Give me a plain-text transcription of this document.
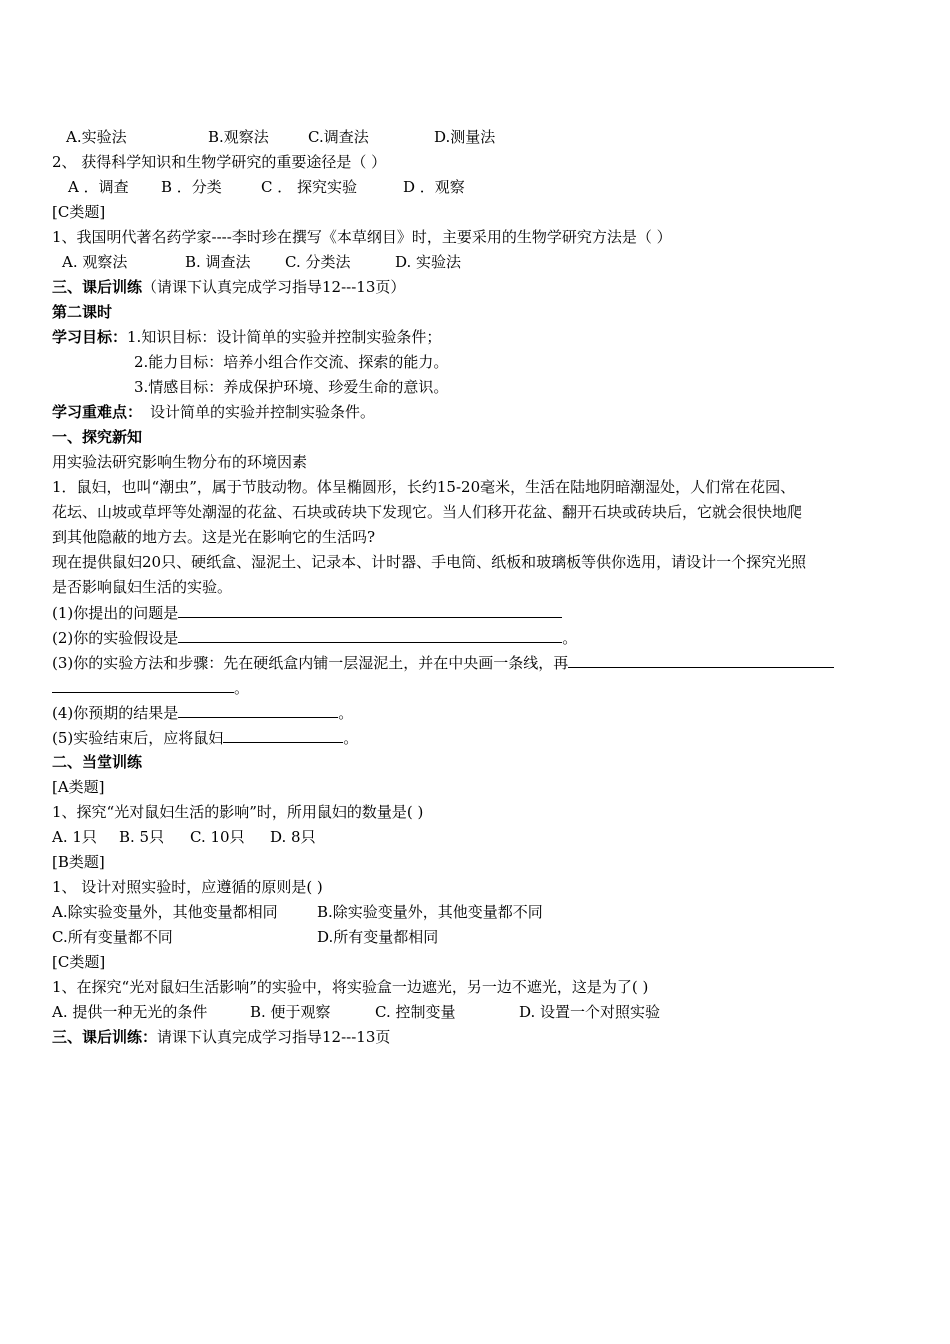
A.实验法	B.观察法	C.调查法	D.测量法
2、 获得科学知识和生物学研究的重要途径是（ ）
A ．调查 B ．分类	C ． 探究实验	D ．观察
[C类题]
1、我国明代著名药学家----李时珍在撰写《本草纲目》时，主要采用的生物学研究方法是（ ）
A. 观察法	B. 调查法 C. 分类法	D. 实验法
三、课后训练（请课下认真完成学习指导12---13页）
第二课时
学习目标：1.知识目标：设计简单的实验并控制实验条件；
2.能力目标：培养小组合作交流、探索的能力。
3.情感目标：养成保护环境、珍爱生命的意识。
学习重难点： 设计简单的实验并控制实验条件。
一、探究新知
用实验法研究影响生物分布的环境因素
1．鼠妇，也叫“潮虫”，属于节肢动物。体呈椭圆形，长约15-20毫米，生活在陆地阴暗潮湿处，人们常在花园、
花坛、山坡或草坪等处潮湿的花盆、石块或砖块下发现它。当人们移开花盆、翻开石块或砖块后，它就会很快地爬
到其他隐蔽的地方去。这是光在影响它的生活吗?
现在提供鼠妇20只、硬纸盒、湿泥土、记录本、计时器、手电筒、纸板和玻璃板等供你选用，请设计一个探究光照
是否影响鼠妇生活的实验。
(1)你提出的问题是
(2)你的实验假设是	。
(3)你的实验方法和步骤：先在硬纸盒内铺一层湿泥土，并在中央画一条线，再
。
(4)你预期的结果是	。
(5)实验结束后，应将鼠妇	。
二、当堂训练
[A类题]
1、探究“光对鼠妇生活的影响”时，所用鼠妇的数量是( )
A. 1只 B. 5只 C. 10只 D. 8只
[B类题]
1、 设计对照实验时，应遵循的原则是( )
A.除实验变量外，其他变量都相同	B.除实验变量外，其他变量都不同
C.所有变量都不同	D.所有变量都相同
[C类题]
1、在探究“光对鼠妇生活影响”的实验中，将实验盒一边遮光，另一边不遮光，这是为了( )
A. 提供一种无光的条件	B. 便于观察	C. 控制变量	D. 设置一个对照实验
三、课后训练：请课下认真完成学习指导12---13页
